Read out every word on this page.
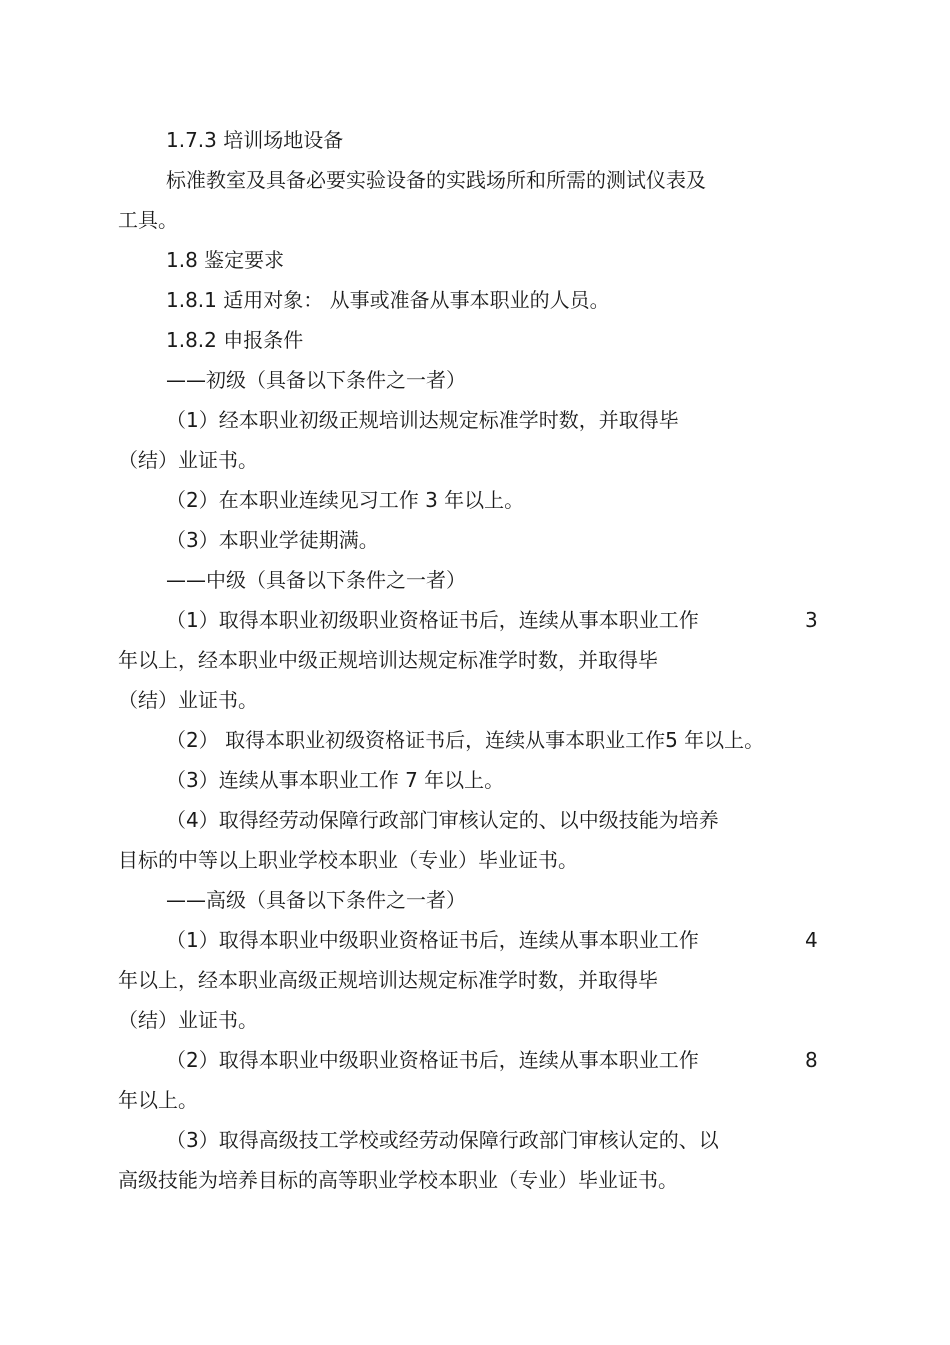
1.7.3 培训场地设备
标准教室及具备必要实验设备的实践场所和所需的测试仪表及
工具。
1.8 鉴定要求
1.8.1 适用对象： 从事或准备从事本职业的人员。
1.8.2 申报条件
——初级（具备以下条件之一者）
（1）经本职业初级正规培训达规定标准学时数，并取得毕
（结）业证书。
（2）在本职业连续见习工作 3 年以上。
（3）本职业学徒期满。
——中级（具备以下条件之一者）
（1）取得本职业初级职业资格证书后，连续从事本职业工作	3
年以上，经本职业中级正规培训达规定标准学时数，并取得毕
（结）业证书。
（2） 取得本职业初级资格证书后，连续从事本职业工作5 年以上。
（3）连续从事本职业工作 7 年以上。
（4）取得经劳动保障行政部门审核认定的、以中级技能为培养
目标的中等以上职业学校本职业（专业）毕业证书。
——高级（具备以下条件之一者）
（1）取得本职业中级职业资格证书后，连续从事本职业工作	4
年以上，经本职业高级正规培训达规定标准学时数，并取得毕
（结）业证书。
（2）取得本职业中级职业资格证书后，连续从事本职业工作	8
年以上。
（3）取得高级技工学校或经劳动保障行政部门审核认定的、以
高级技能为培养目标的高等职业学校本职业（专业）毕业证书。
